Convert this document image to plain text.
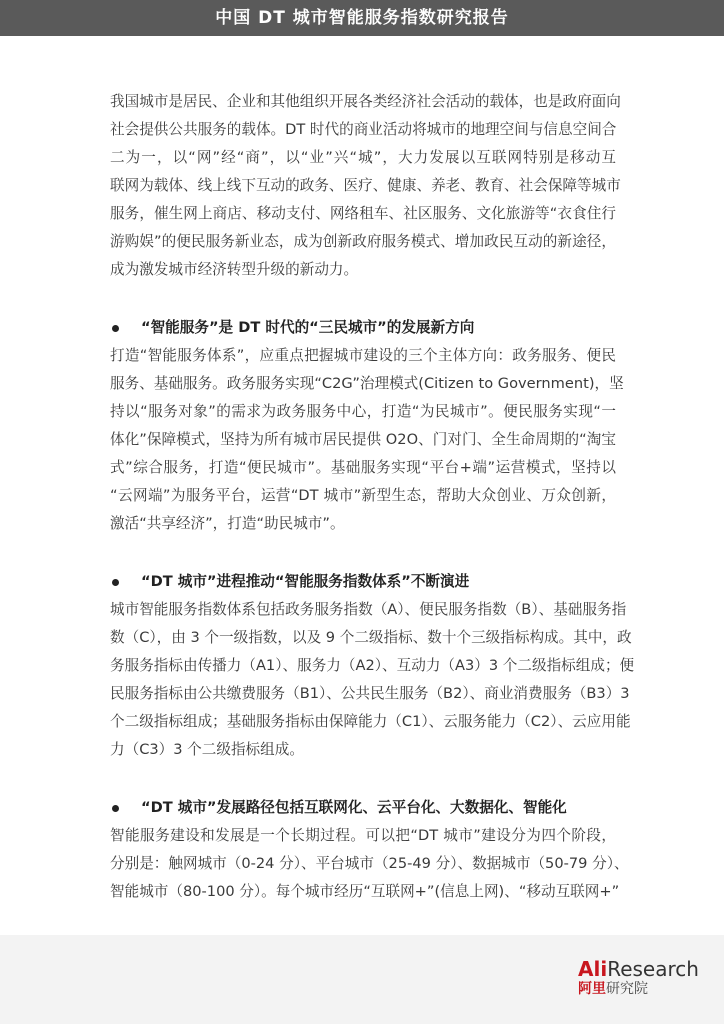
中国 DT 城市智能服务指数研究报告
我国城市是居民、企业和其他组织开展各类经济社会活动的载体，也是政府面向
社会提供公共服务的载体。DT 时代的商业活动将城市的地理空间与信息空间合
二为一，以“网”经“商”，以“业”兴“城”，大力发展以互联网特别是移动互
联网为载体、线上线下互动的政务、医疗、健康、养老、教育、社会保障等城市
服务，催生网上商店、移动支付、网络租车、社区服务、文化旅游等“衣食住行
游购娱”的便民服务新业态，成为创新政府服务模式、增加政民互动的新途径，
成为激发城市经济转型升级的新动力。
“智能服务”是 DT 时代的“三民城市”的发展新方向
打造“智能服务体系”，应重点把握城市建设的三个主体方向：政务服务、便民
服务、基础服务。政务服务实现“C2G”治理模式(Citizen to Government)，坚
持以“服务对象”的需求为政务服务中心，打造“为民城市”。便民服务实现“一
体化”保障模式，坚持为所有城市居民提供 O2O、门对门、全生命周期的“淘宝
式”综合服务，打造“便民城市”。基础服务实现“平台+端”运营模式，坚持以
“云网端”为服务平台，运营“DT 城市”新型生态，帮助大众创业、万众创新，
激活“共享经济”，打造“助民城市”。
“DT 城市”进程推动“智能服务指数体系”不断演进
城市智能服务指数体系包括政务服务指数（A）、便民服务指数（B）、基础服务指
数（C），由 3 个一级指数，以及 9 个二级指标、数十个三级指标构成。其中，政
务服务指标由传播力（A1）、服务力（A2）、互动力（A3）3 个二级指标组成；便
民服务指标由公共缴费服务（B1）、公共民生服务（B2）、商业消费服务（B3）3
个二级指标组成；基础服务指标由保障能力（C1）、云服务能力（C2）、云应用能
力（C3）3 个二级指标组成。
“DT 城市”发展路径包括互联网化、云平台化、大数据化、智能化
智能服务建设和发展是一个长期过程。可以把“DT 城市”建设分为四个阶段，
分别是：触网城市（0-24 分）、平台城市（25-49 分）、数据城市（50-79 分）、
智能城市（80-100 分）。每个城市经历“互联网+”(信息上网)、“移动互联网+”
AliResearch
阿里研究院
